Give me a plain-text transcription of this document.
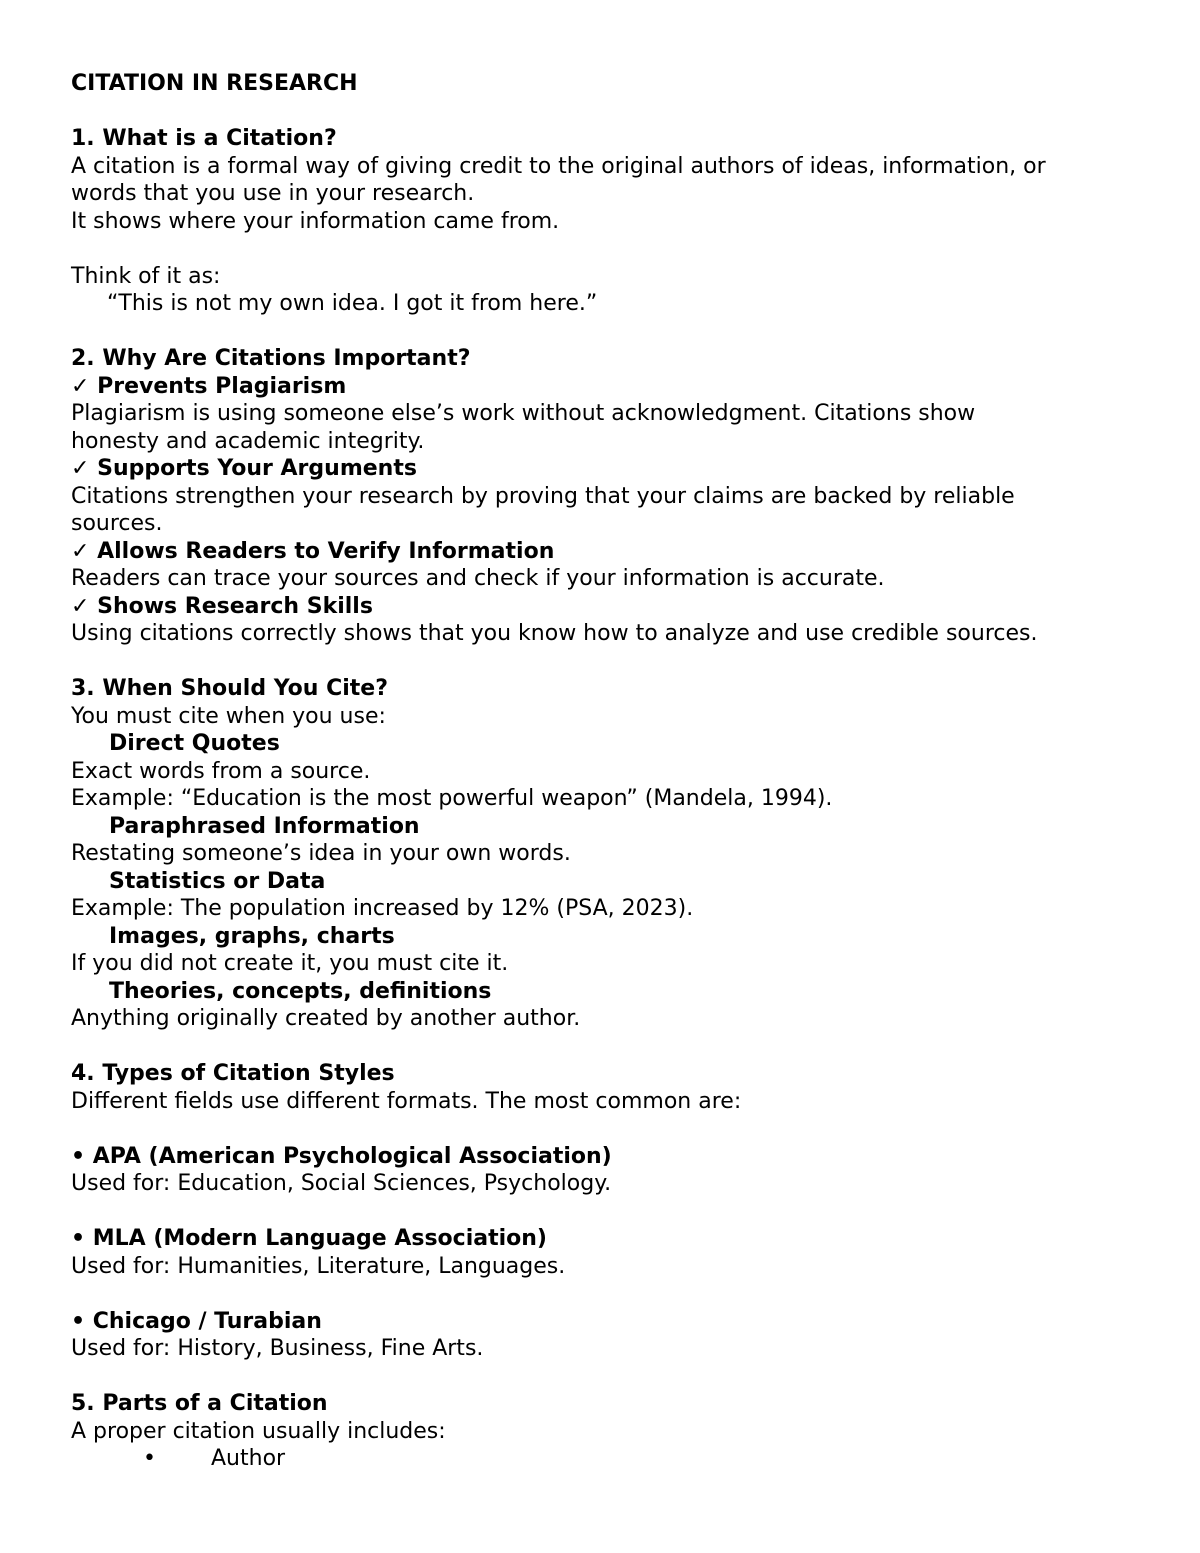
CITATION IN RESEARCH
1. What is a Citation?
A citation is a formal way of giving credit to the original authors of ideas, information, or
words that you use in your research.
It shows where your information came from.
Think of it as:
“This is not my own idea. I got it from here.”
2. Why Are Citations Important?
✓ Prevents Plagiarism
Plagiarism is using someone else’s work without acknowledgment. Citations show
honesty and academic integrity.
✓ Supports Your Arguments
Citations strengthen your research by proving that your claims are backed by reliable
sources.
✓ Allows Readers to Verify Information
Readers can trace your sources and check if your information is accurate.
✓ Shows Research Skills
Using citations correctly shows that you know how to analyze and use credible sources.
3. When Should You Cite?
You must cite when you use:
Direct Quotes
Exact words from a source.
Example: “Education is the most powerful weapon” (Mandela, 1994).
Paraphrased Information
Restating someone’s idea in your own words.
Statistics or Data
Example: The population increased by 12% (PSA, 2023).
Images, graphs, charts
If you did not create it, you must cite it.
Theories, concepts, definitions
Anything originally created by another author.
4. Types of Citation Styles
Different fields use different formats. The most common are:
• APA (American Psychological Association)
Used for: Education, Social Sciences, Psychology.
• MLA (Modern Language Association)
Used for: Humanities, Literature, Languages.
• Chicago / Turabian
Used for: History, Business, Fine Arts.
5. Parts of a Citation
A proper citation usually includes:
•	Author
